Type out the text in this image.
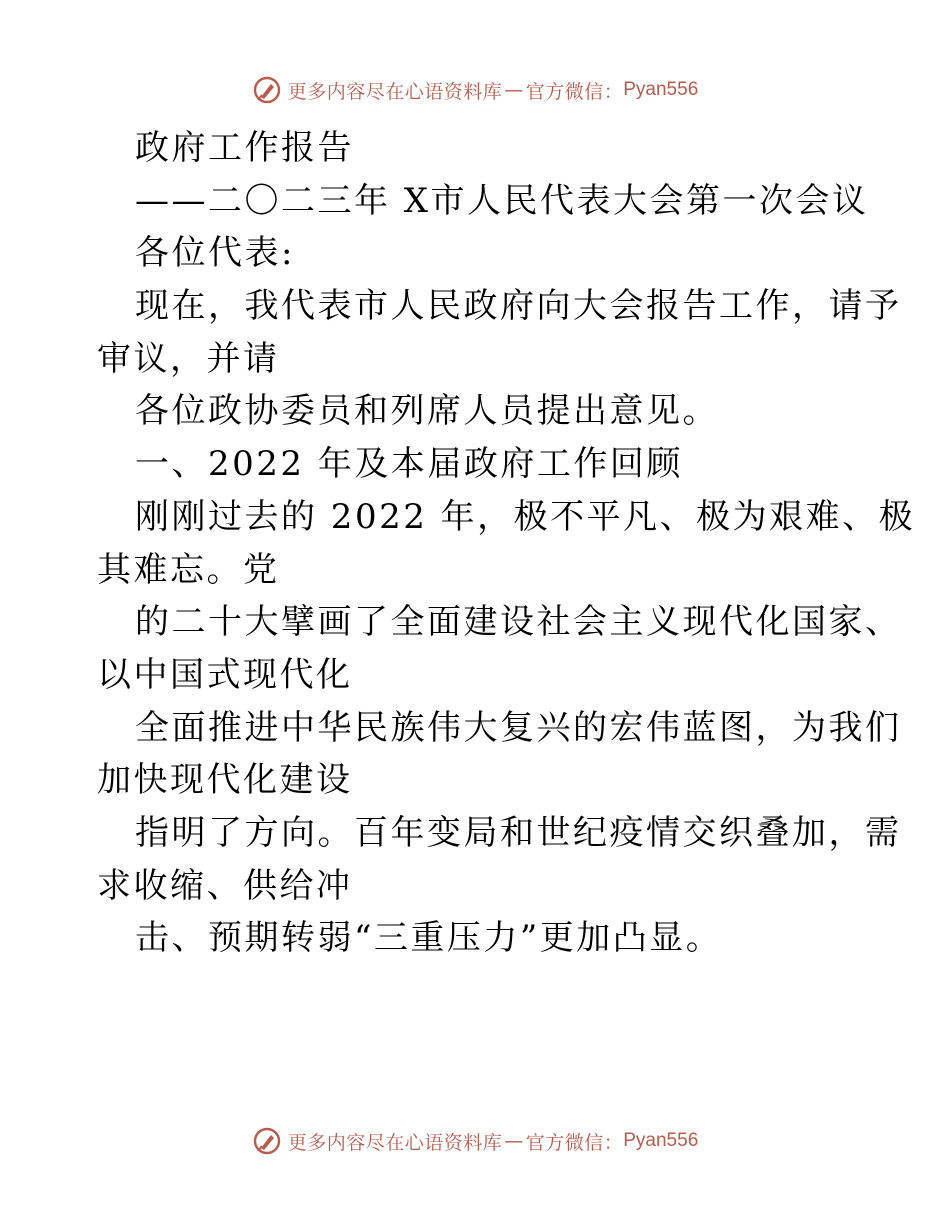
更多内容尽在心语资料库 — 官方微信： Pyan556
政府工作报告
——二〇二三年 X市人民代表大会第一次会议
各位代表:
现在，我代表市人民政府向大会报告工作，请予
审议，并请
各位政协委员和列席人员提出意见。
一、2022 年及本届政府工作回顾
刚刚过去的 2022 年，极不平凡、极为艰难、极
其难忘。党
的二十大擘画了全面建设社会主义现代化国家、
以中国式现代化
全面推进中华民族伟大复兴的宏伟蓝图，为我们
加快现代化建设
指明了方向。百年变局和世纪疫情交织叠加，需
求收缩、供给冲
击、预期转弱“三重压力”更加凸显。
更多内容尽在心语资料库 — 官方微信： Pyan556
